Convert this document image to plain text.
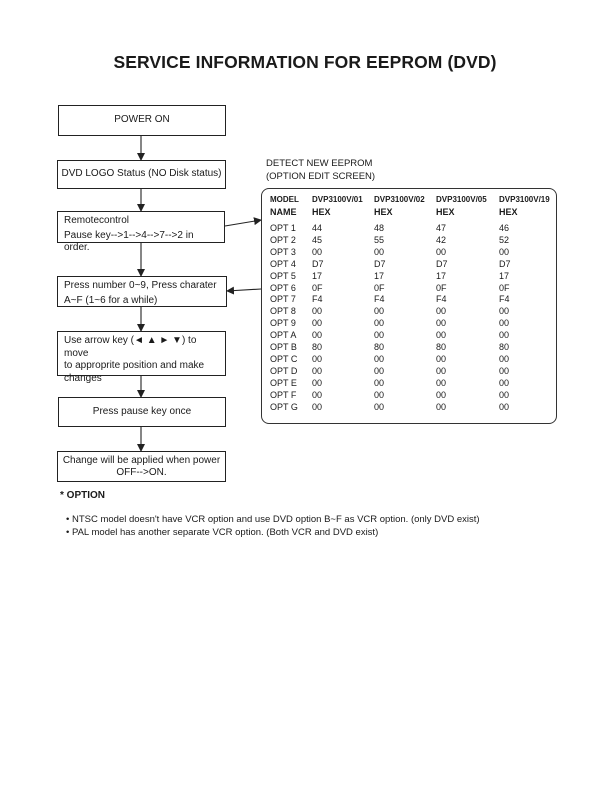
SERVICE INFORMATION FOR EEPROM (DVD)
POWER ON
DVD LOGO Status (NO Disk status)
Remotecontrol
Pause key-->1-->4-->7-->2 in order.
Press number 0~9, Press charater
A~F (1~6 for a while)
Use arrow key (◄ ▲ ► ▼) to move
to approprite position and make
changes
Press pause key once
Change will be applied when power
OFF-->ON.
DETECT NEW EEPROM
(OPTION EDIT SCREEN)
MODEL	DVP3100V/01	DVP3100V/02	DVP3100V/05	DVP3100V/19
NAME	HEX	HEX	HEX	HEX
OPT 1	44	48	47	46
OPT 2	45	55	42	52
OPT 3	00	00	00	00
OPT 4	D7	D7	D7	D7
OPT 5	17	17	17	17
OPT 6	0F	0F	0F	0F
OPT 7	F4	F4	F4	F4
OPT 8	00	00	00	00
OPT 9	00	00	00	00
OPT A	00	00	00	00
OPT B	80	80	80	80
OPT C	00	00	00	00
OPT D	00	00	00	00
OPT E	00	00	00	00
OPT F	00	00	00	00
OPT G	00	00	00	00
* OPTION
• NTSC model doesn't have VCR option and use DVD option B~F as VCR option. (only DVD exist)
• PAL model has another separate VCR option. (Both VCR and DVD exist)
